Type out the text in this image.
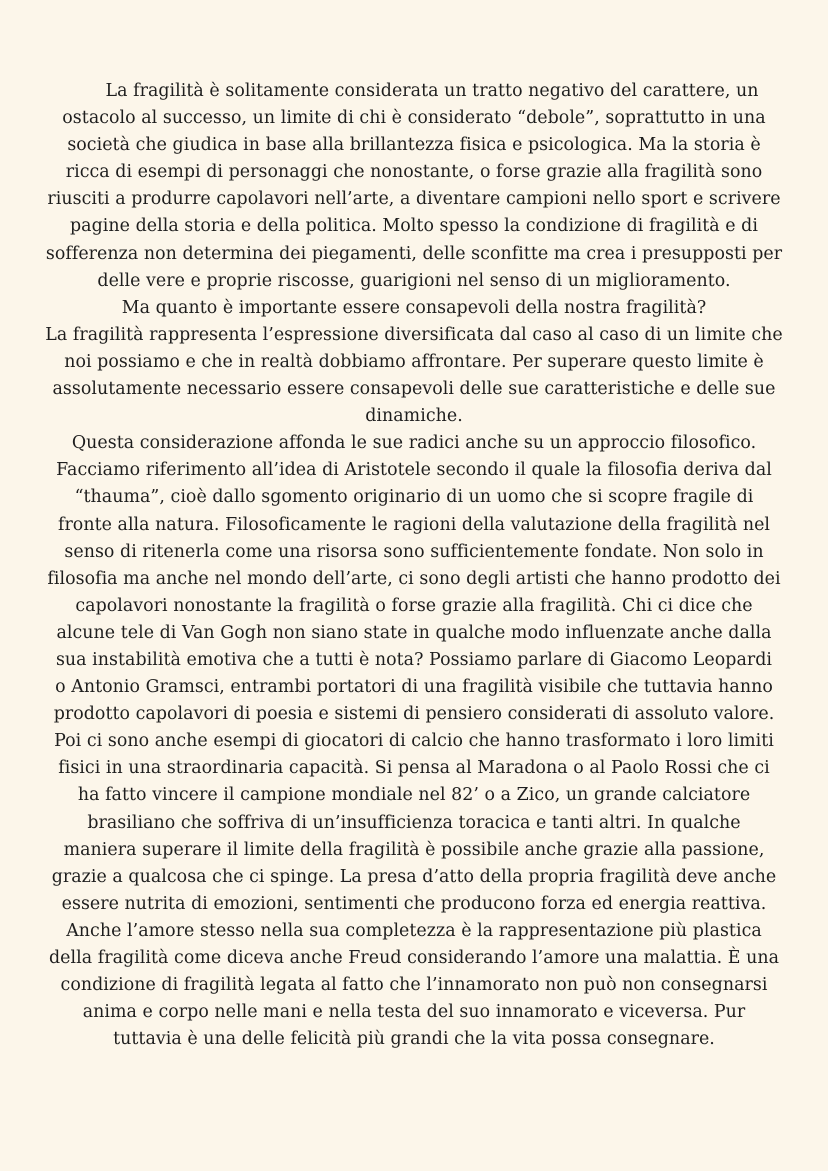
La fragilità è solitamente considerata un tratto negativo del carattere, un
ostacolo al successo, un limite di chi è considerato “debole”, soprattutto in una
società che giudica in base alla brillantezza fisica e psicologica. Ma la storia è
ricca di esempi di personaggi che nonostante, o forse grazie alla fragilità sono
riusciti a produrre capolavori nell’arte, a diventare campioni nello sport e scrivere
pagine della storia e della politica. Molto spesso la condizione di fragilità e di
sofferenza non determina dei piegamenti, delle sconfitte ma crea i presupposti per
delle vere e proprie riscosse, guarigioni nel senso di un miglioramento.
Ma quanto è importante essere consapevoli della nostra fragilità?
La fragilità rappresenta l’espressione diversificata dal caso al caso di un limite che
noi possiamo e che in realtà dobbiamo affrontare. Per superare questo limite è
assolutamente necessario essere consapevoli delle sue caratteristiche e delle sue
dinamiche.
Questa considerazione affonda le sue radici anche su un approccio filosofico.
Facciamo riferimento all’idea di Aristotele secondo il quale la filosofia deriva dal
“thauma”, cioè dallo sgomento originario di un uomo che si scopre fragile di
fronte alla natura. Filosoficamente le ragioni della valutazione della fragilità nel
senso di ritenerla come una risorsa sono sufficientemente fondate. Non solo in
filosofia ma anche nel mondo dell’arte, ci sono degli artisti che hanno prodotto dei
capolavori nonostante la fragilità o forse grazie alla fragilità. Chi ci dice che
alcune tele di Van Gogh non siano state in qualche modo influenzate anche dalla
sua instabilità emotiva che a tutti è nota? Possiamo parlare di Giacomo Leopardi
o Antonio Gramsci, entrambi portatori di una fragilità visibile che tuttavia hanno
prodotto capolavori di poesia e sistemi di pensiero considerati di assoluto valore.
Poi ci sono anche esempi di giocatori di calcio che hanno trasformato i loro limiti
fisici in una straordinaria capacità. Si pensa al Maradona o al Paolo Rossi che ci
ha fatto vincere il campione mondiale nel 82’ o a Zico, un grande calciatore
brasiliano che soffriva di un’insufficienza toracica e tanti altri. In qualche
maniera superare il limite della fragilità è possibile anche grazie alla passione,
grazie a qualcosa che ci spinge. La presa d’atto della propria fragilità deve anche
essere nutrita di emozioni, sentimenti che producono forza ed energia reattiva.
Anche l’amore stesso nella sua completezza è la rappresentazione più plastica
della fragilità come diceva anche Freud considerando l’amore una malattia. È una
condizione di fragilità legata al fatto che l’innamorato non può non consegnarsi
anima e corpo nelle mani e nella testa del suo innamorato e viceversa. Pur
tuttavia è una delle felicità più grandi che la vita possa consegnare.
